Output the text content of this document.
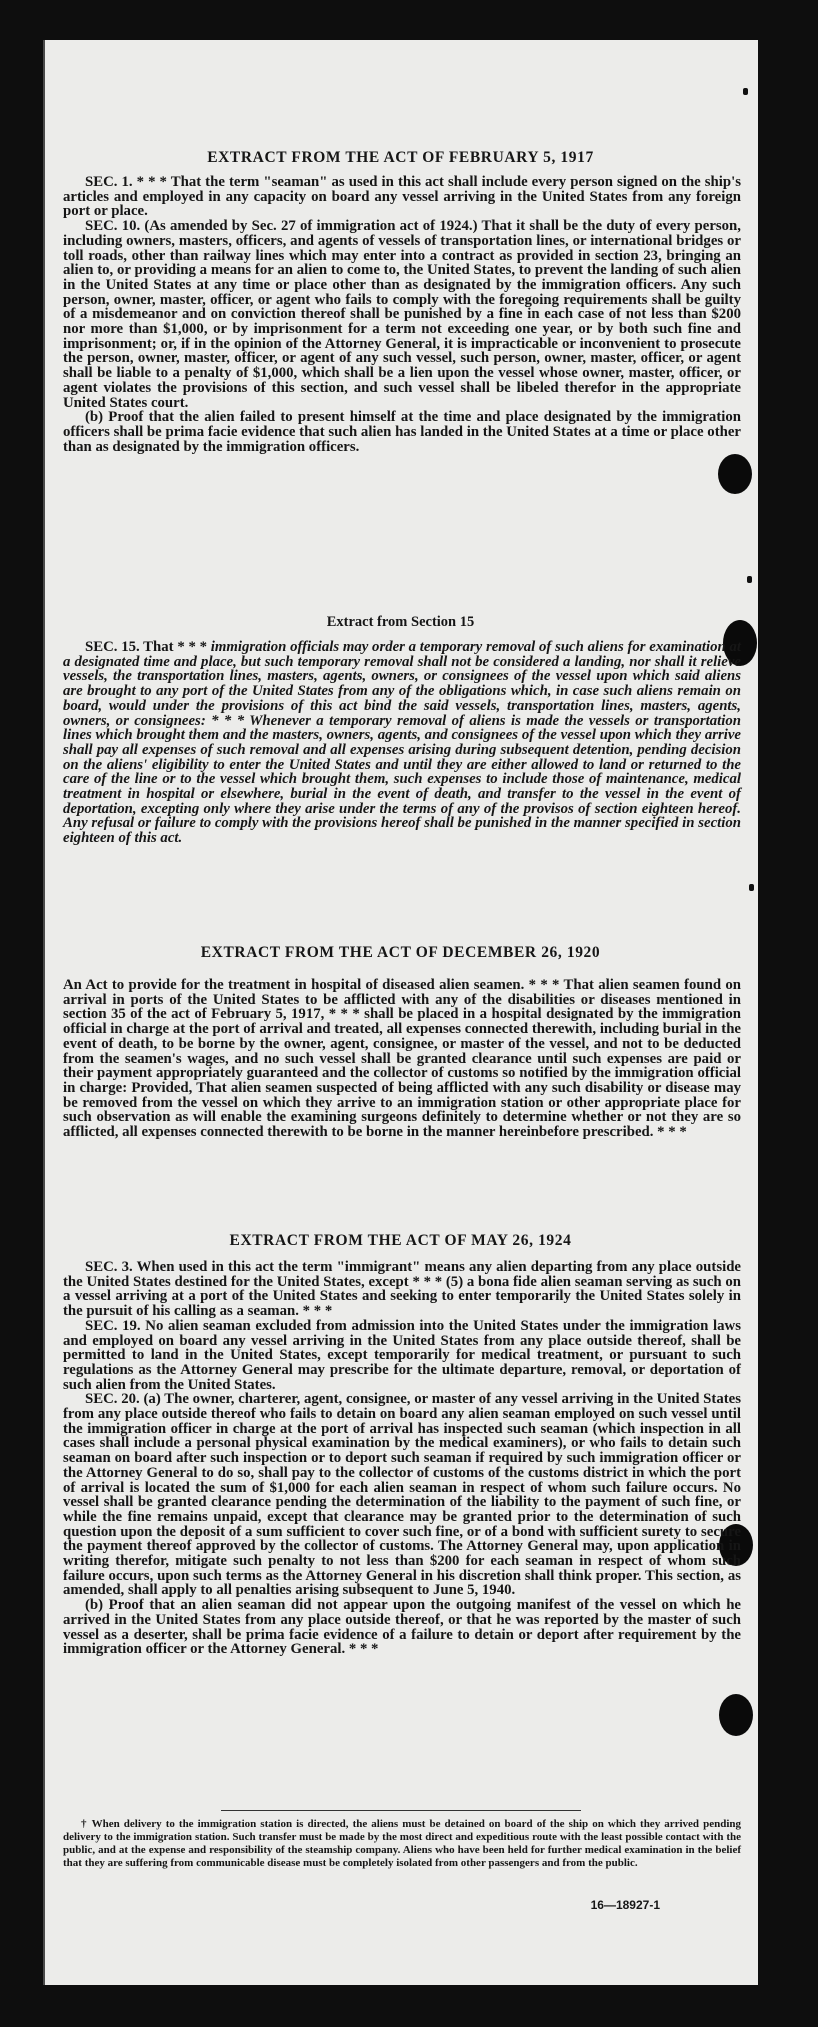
EXTRACT FROM THE ACT OF FEBRUARY 5, 1917

SEC. 1. * * * That the term "seaman" as used in this act shall include every person signed on the ship's articles and employed in any capacity on board any vessel arriving in the United States from any foreign port or place.

SEC. 10. (As amended by Sec. 27 of immigration act of 1924.) That it shall be the duty of every person, including owners, masters, officers, and agents of vessels of transportation lines, or international bridges or toll roads, other than railway lines which may enter into a contract as provided in section 23, bringing an alien to, or providing a means for an alien to come to, the United States, to prevent the landing of such alien in the United States at any time or place other than as designated by the immigration officers. Any such person, owner, master, officer, or agent who fails to comply with the foregoing requirements shall be guilty of a misdemeanor and on conviction thereof shall be punished by a fine in each case of not less than $200 nor more than $1,000, or by imprisonment for a term not exceeding one year, or by both such fine and imprisonment; or, if in the opinion of the Attorney General, it is impracticable or inconvenient to prosecute the person, owner, master, officer, or agent of any such vessel, such person, owner, master, officer, or agent shall be liable to a penalty of $1,000, which shall be a lien upon the vessel whose owner, master, officer, or agent violates the provisions of this section, and such vessel shall be libeled therefor in the appropriate United States court.

(b) Proof that the alien failed to present himself at the time and place designated by the immigration officers shall be prima facie evidence that such alien has landed in the United States at a time or place other than as designated by the immigration officers.

Extract from Section 15

SEC. 15. That * * * immigration officials may order a temporary removal of such aliens for examination at a designated time and place, but such temporary removal shall not be considered a landing, nor shall it relieve vessels, the transportation lines, masters, agents, owners, or consignees of the vessel upon which said aliens are brought to any port of the United States from any of the obligations which, in case such aliens remain on board, would under the provisions of this act bind the said vessels, transportation lines, masters, agents, owners, or consignees: * * * Whenever a temporary removal of aliens is made the vessels or transportation lines which brought them and the masters, owners, agents, and consignees of the vessel upon which they arrive shall pay all expenses of such removal and all expenses arising during subsequent detention, pending decision on the aliens' eligibility to enter the United States and until they are either allowed to land or returned to the care of the line or to the vessel which brought them, such expenses to include those of maintenance, medical treatment in hospital or elsewhere, burial in the event of death, and transfer to the vessel in the event of deportation, excepting only where they arise under the terms of any of the provisos of section eighteen hereof. Any refusal or failure to comply with the provisions hereof shall be punished in the manner specified in section eighteen of this act.

EXTRACT FROM THE ACT OF DECEMBER 26, 1920

An Act to provide for the treatment in hospital of diseased alien seamen. * * * That alien seamen found on arrival in ports of the United States to be afflicted with any of the disabilities or diseases mentioned in section 35 of the act of February 5, 1917, * * * shall be placed in a hospital designated by the immigration official in charge at the port of arrival and treated, all expenses connected therewith, including burial in the event of death, to be borne by the owner, agent, consignee, or master of the vessel, and not to be deducted from the seamen's wages, and no such vessel shall be granted clearance until such expenses are paid or their payment appropriately guaranteed and the collector of customs so notified by the immigration official in charge: Provided, That alien seamen suspected of being afflicted with any such disability or disease may be removed from the vessel on which they arrive to an immigration station or other appropriate place for such observation as will enable the examining surgeons definitely to determine whether or not they are so afflicted, all expenses connected therewith to be borne in the manner hereinbefore prescribed. * * *

EXTRACT FROM THE ACT OF MAY 26, 1924

SEC. 3. When used in this act the term "immigrant" means any alien departing from any place outside the United States destined for the United States, except * * * (5) a bona fide alien seaman serving as such on a vessel arriving at a port of the United States and seeking to enter temporarily the United States solely in the pursuit of his calling as a seaman. * * *

SEC. 19. No alien seaman excluded from admission into the United States under the immigration laws and employed on board any vessel arriving in the United States from any place outside thereof, shall be permitted to land in the United States, except temporarily for medical treatment, or pursuant to such regulations as the Attorney General may prescribe for the ultimate departure, removal, or deportation of such alien from the United States.

SEC. 20. (a) The owner, charterer, agent, consignee, or master of any vessel arriving in the United States from any place outside thereof who fails to detain on board any alien seaman employed on such vessel until the immigration officer in charge at the port of arrival has inspected such seaman (which inspection in all cases shall include a personal physical examination by the medical examiners), or who fails to detain such seaman on board after such inspection or to deport such seaman if required by such immigration officer or the Attorney General to do so, shall pay to the collector of customs of the customs district in which the port of arrival is located the sum of $1,000 for each alien seaman in respect of whom such failure occurs. No vessel shall be granted clearance pending the determination of the liability to the payment of such fine, or while the fine remains unpaid, except that clearance may be granted prior to the determination of such question upon the deposit of a sum sufficient to cover such fine, or of a bond with sufficient surety to secure the payment thereof approved by the collector of customs. The Attorney General may, upon application in writing therefor, mitigate such penalty to not less than $200 for each seaman in respect of whom such failure occurs, upon such terms as the Attorney General in his discretion shall think proper. This section, as amended, shall apply to all penalties arising subsequent to June 5, 1940.

(b) Proof that an alien seaman did not appear upon the outgoing manifest of the vessel on which he arrived in the United States from any place outside thereof, or that he was reported by the master of such vessel as a deserter, shall be prima facie evidence of a failure to detain or deport after requirement by the immigration officer or the Attorney General. * * *

† When delivery to the immigration station is directed, the aliens must be detained on board of the ship on which they arrived pending delivery to the immigration station. Such transfer must be made by the most direct and expeditious route with the least possible contact with the public, and at the expense and responsibility of the steamship company. Aliens who have been held for further medical examination in the belief that they are suffering from communicable disease must be completely isolated from other passengers and from the public.

16—18927-1
